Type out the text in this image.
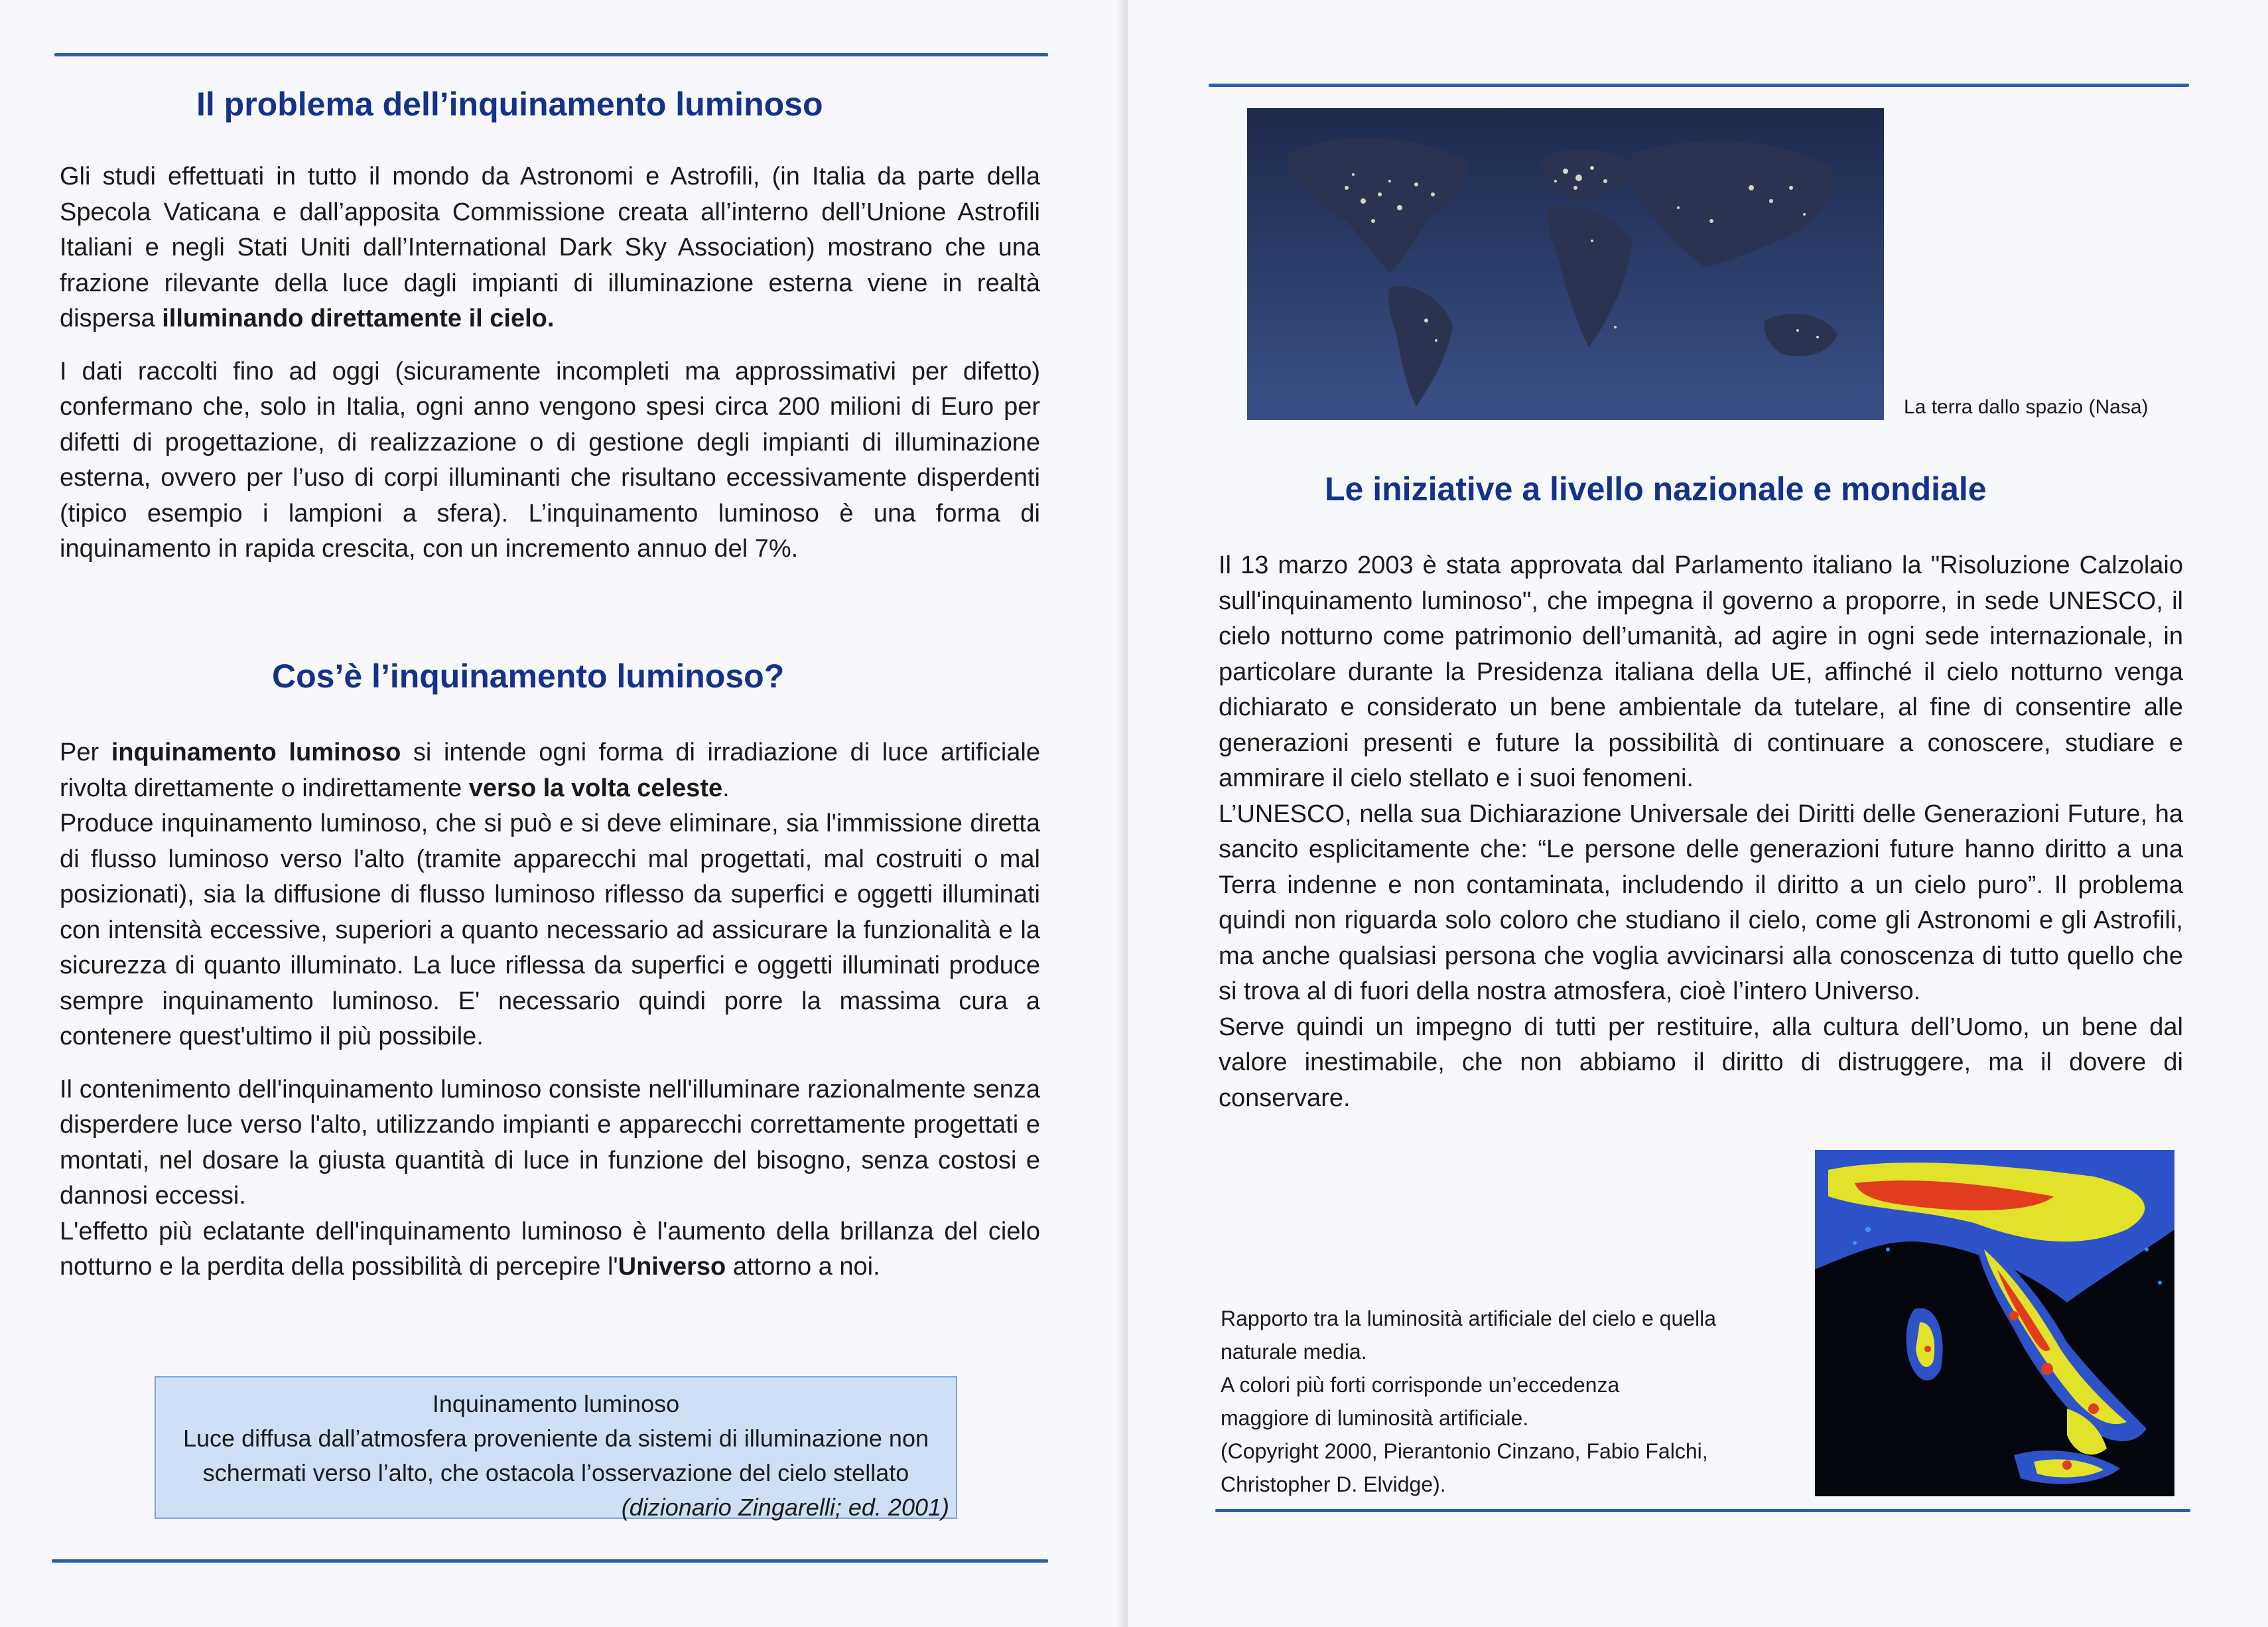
Il problema dell’inquinamento luminoso

Gli studi effettuati in tutto il mondo da Astronomi e Astrofili, (in Italia da parte della Specola Vaticana e dall’apposita Commissione creata all’interno dell’Unione Astrofili Italiani e negli Stati Uniti dall’International Dark Sky Association) mostrano che una frazione rilevante della luce dagli impianti di illuminazione esterna viene in realtà dispersa illuminando direttamente il cielo.

I dati raccolti fino ad oggi (sicuramente incompleti ma approssimativi per difetto) confermano che, solo in Italia, ogni anno vengono spesi circa 200 milioni di Euro per difetti di progettazione, di realizzazione o di gestione degli impianti di illuminazione esterna, ovvero per l’uso di corpi illuminanti che risultano eccessivamente disperdenti (tipico esempio i lampioni a sfera). L’inquinamento luminoso è una forma di inquinamento in rapida crescita, con un incremento annuo del 7%.

Cos’è l’inquinamento luminoso?

Per inquinamento luminoso si intende ogni forma di irradiazione di luce artificiale rivolta direttamente o indirettamente verso la volta celeste.

Produce inquinamento luminoso, che si può e si deve eliminare, sia l'immissione diretta di flusso luminoso verso l'alto (tramite apparecchi mal progettati, mal costruiti o mal posizionati), sia la diffusione di flusso luminoso riflesso da superfici e oggetti illuminati con intensità eccessive, superiori a quanto necessario ad assicurare la funzionalità e la sicurezza di quanto illuminato. La luce riflessa da superfici e oggetti illuminati produce sempre inquinamento luminoso. E' necessario quindi porre la massima cura a contenere quest'ultimo il più possibile.

Il contenimento dell'inquinamento luminoso consiste nell'illuminare razionalmente senza disperdere luce verso l'alto, utilizzando impianti e apparecchi correttamente progettati e montati, nel dosare la giusta quantità di luce in funzione del bisogno, senza costosi e dannosi eccessi.

L'effetto più eclatante dell'inquinamento luminoso è l'aumento della brillanza del cielo notturno e la perdita della possibilità di percepire l'Universo attorno a noi.

Inquinamento luminoso
Luce diffusa dall’atmosfera proveniente da sistemi di illuminazione non
schermati verso l’alto, che ostacola l’osservazione del cielo stellato
(dizionario Zingarelli; ed. 2001)
La terra dallo spazio (Nasa)
Le iniziative a livello nazionale e mondiale

Il 13 marzo 2003 è stata approvata dal Parlamento italiano la "Risoluzione Calzolaio sull'inquinamento luminoso", che impegna il governo a proporre, in sede UNESCO, il cielo notturno come patrimonio dell’umanità, ad agire in ogni sede internazionale, in particolare durante la Presidenza italiana della UE, affinché il cielo notturno venga dichiarato e considerato un bene ambientale da tutelare, al fine di consentire alle generazioni presenti e future la possibilità di continuare a conoscere, studiare e ammirare il cielo stellato e i suoi fenomeni.

L’UNESCO, nella sua Dichiarazione Universale dei Diritti delle Generazioni Future, ha sancito esplicitamente che: “Le persone delle generazioni future hanno diritto a una Terra indenne e non contaminata, includendo il diritto a un cielo puro”. Il problema quindi non riguarda solo coloro che studiano il cielo, come gli Astronomi e gli Astrofili, ma anche qualsiasi persona che voglia avvicinarsi alla conoscenza di tutto quello che si trova al di fuori della nostra atmosfera, cioè l’intero Universo.

Serve quindi un impegno di tutti per restituire, alla cultura dell’Uomo, un bene dal valore inestimabile, che non abbiamo il diritto di distruggere, ma il dovere di conservare.

Rapporto tra la luminosità artificiale del cielo e quella
naturale media.
A colori più forti corrisponde un’eccedenza
maggiore di luminosità artificiale.
(Copyright 2000, Pierantonio Cinzano, Fabio Falchi,
Christopher D. Elvidge).
